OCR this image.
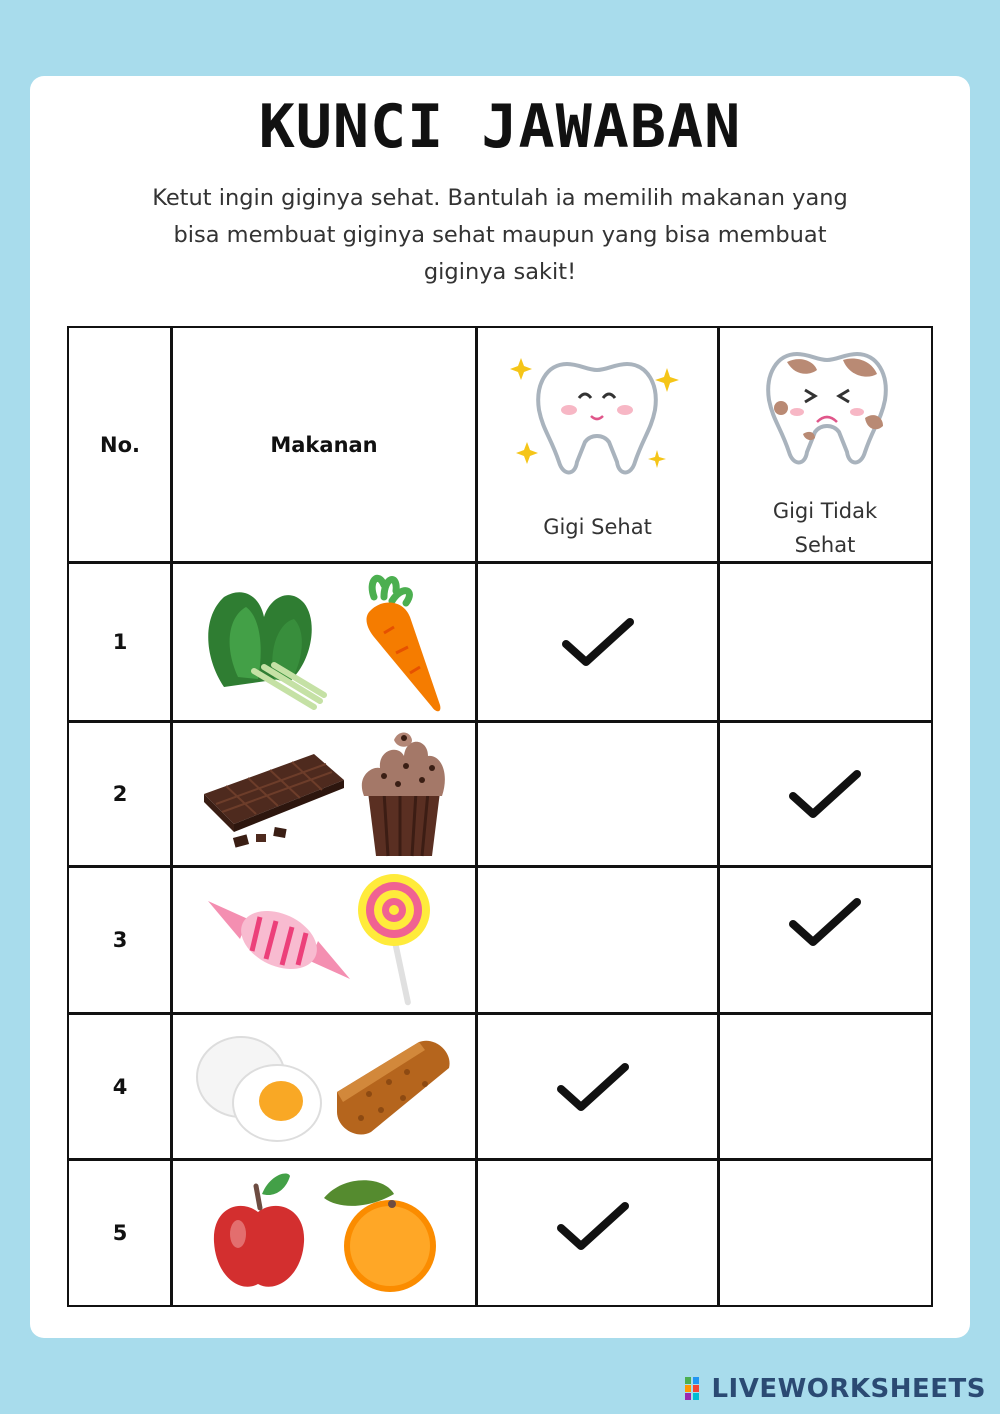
KUNCI JAWABAN
Ketut ingin giginya sehat. Bantulah ia memilih makanan yang bisa membuat giginya sehat maupun yang bisa membuat giginya sakit!
No.	Makanan
Gigi Sehat
Gigi Tidak
Sehat
1
2
3
4
5
LIVEWORKSHEETS
